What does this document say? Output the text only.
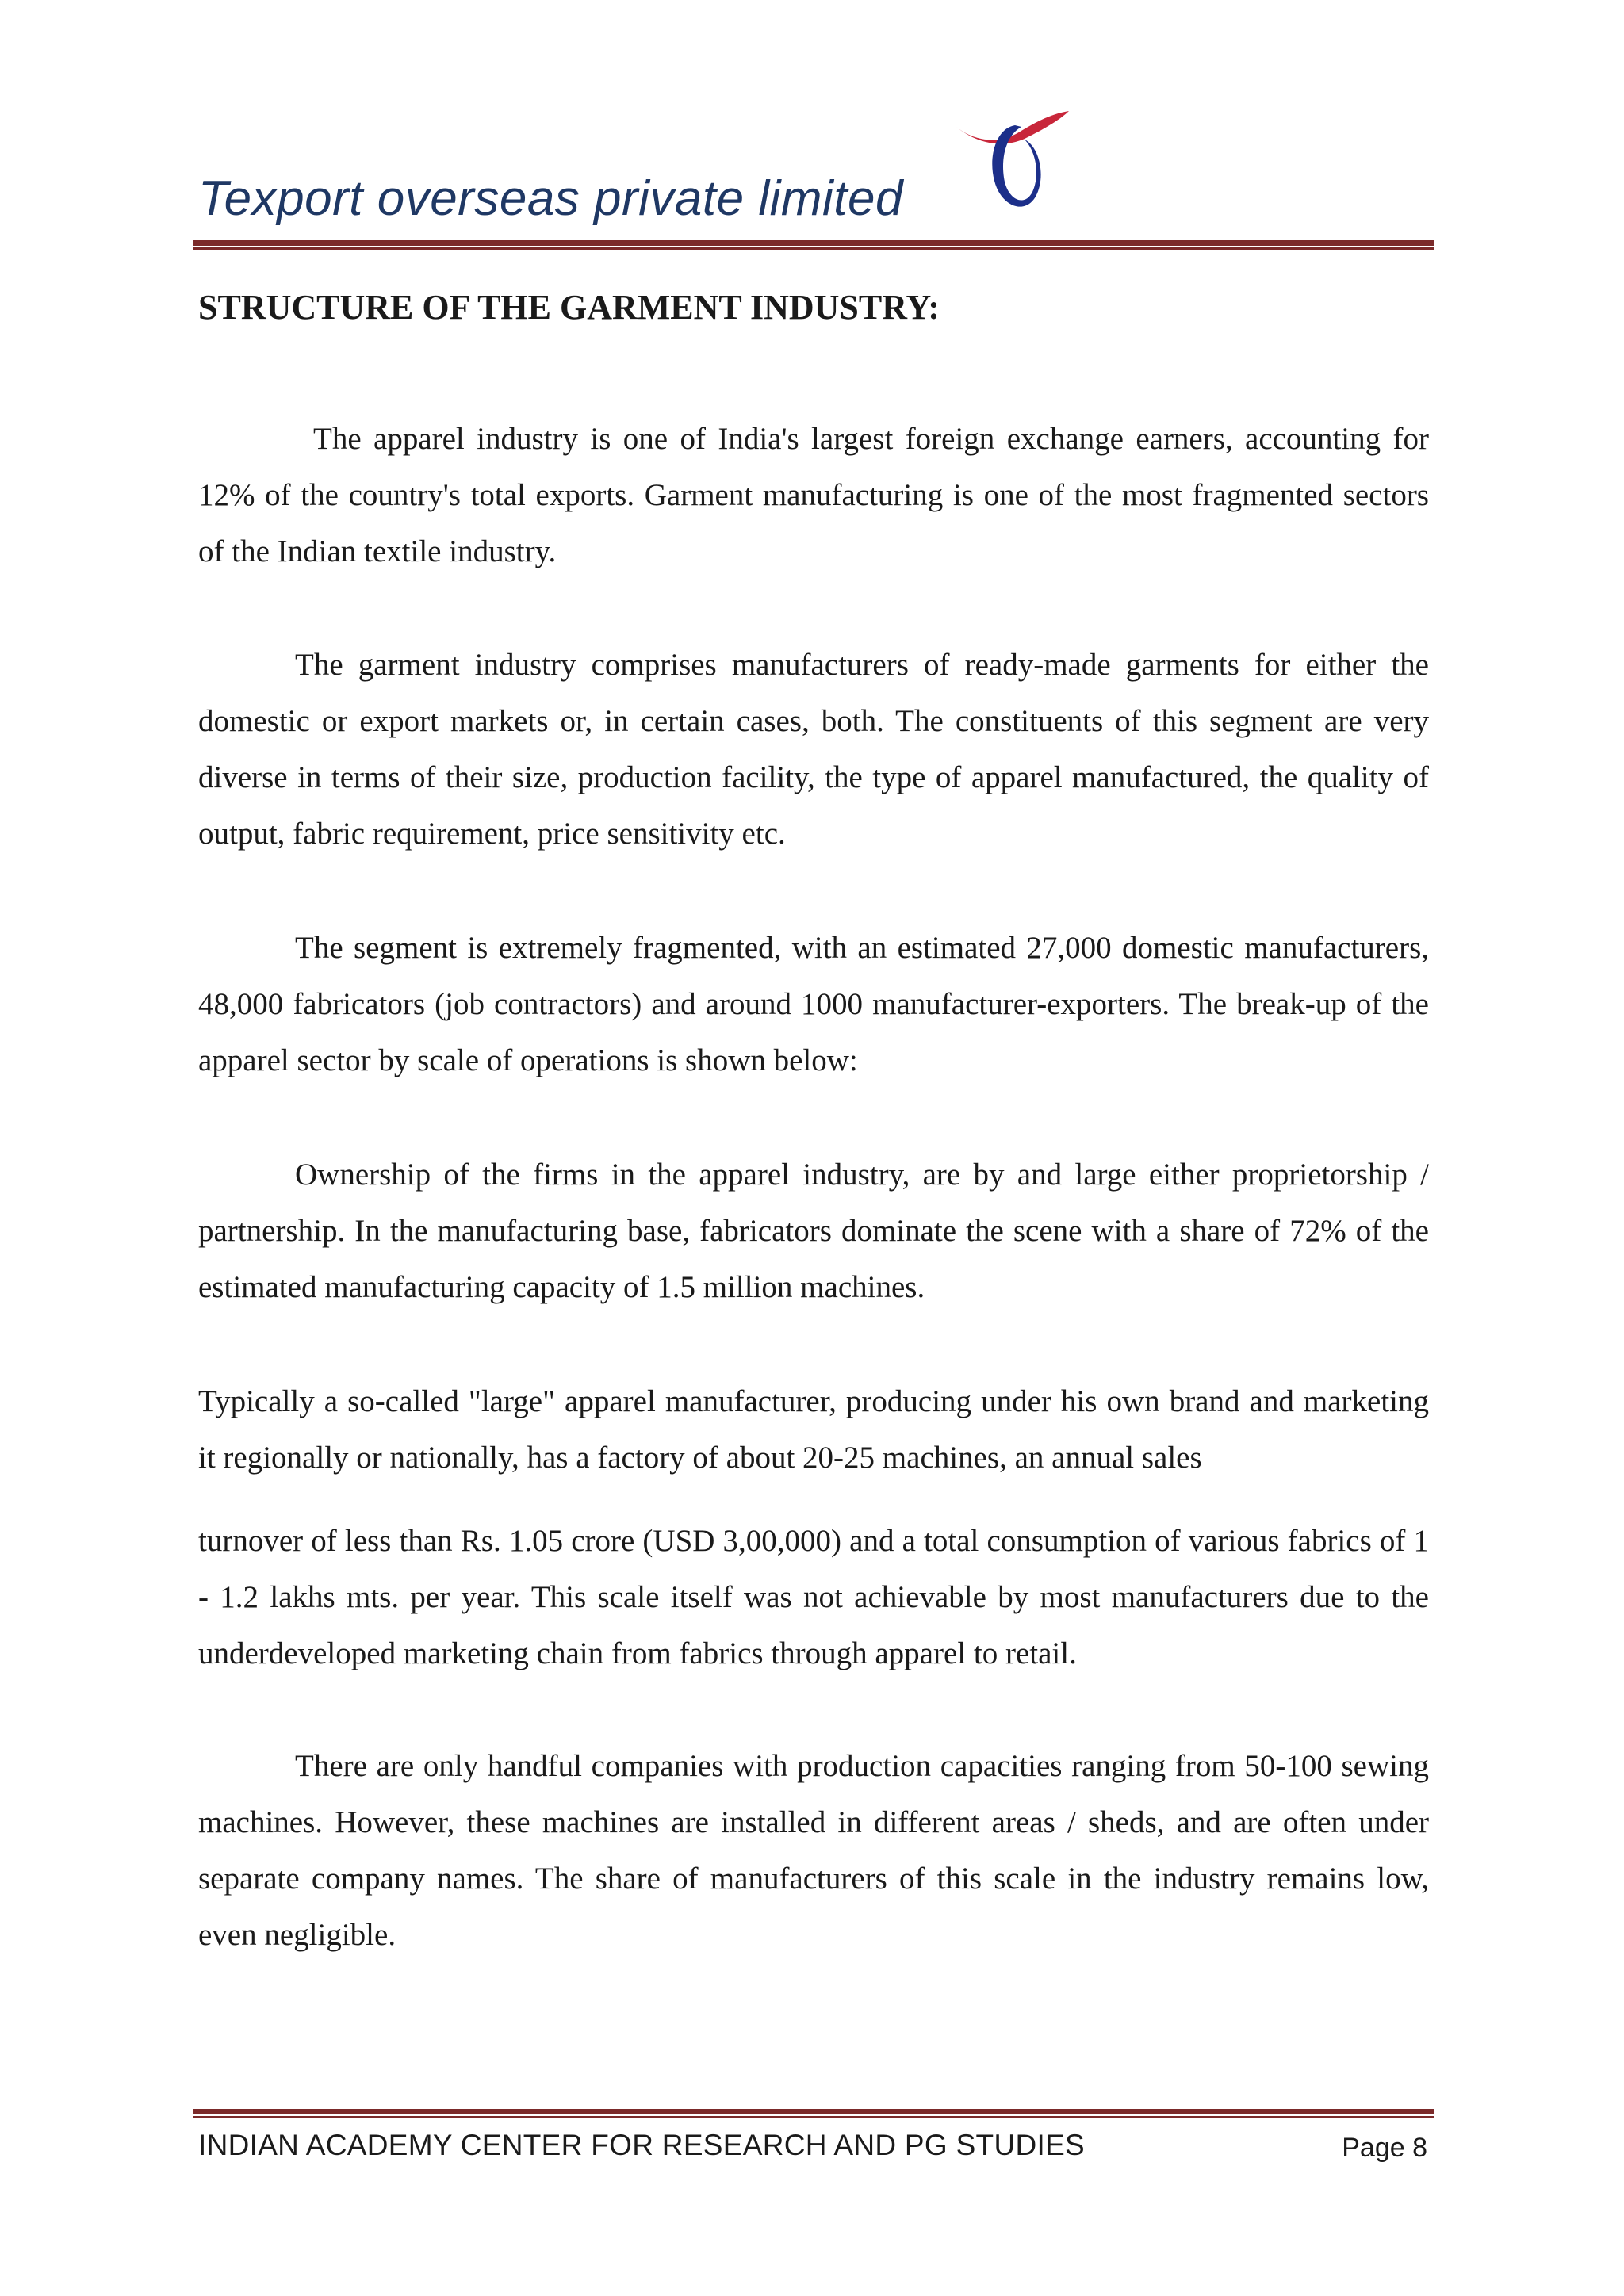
Texport overseas private limited
STRUCTURE OF THE GARMENT INDUSTRY:

The apparel industry is one of India's largest foreign exchange earners, accounting for 12% of the country's total exports. Garment manufacturing is one of the most fragmented sectors of the Indian textile industry.

The garment industry comprises manufacturers of ready-made garments for either the domestic or export markets or, in certain cases, both. The constituents of this segment are very diverse in terms of their size, production facility, the type of apparel manufactured, the quality of output, fabric requirement, price sensitivity etc.

The segment is extremely fragmented, with an estimated 27,000 domestic manufacturers, 48,000 fabricators (job contractors) and around 1000 manufacturer-exporters. The break-up of the apparel sector by scale of operations is shown below:

Ownership of the firms in the apparel industry, are by and large either proprietorship / partnership. In the manufacturing base, fabricators dominate the scene with a share of 72% of the estimated manufacturing capacity of 1.5 million machines.

Typically a so-called "large" apparel manufacturer, producing under his own brand and marketing it regionally or nationally, has a factory of about 20-25 machines, an annual sales

turnover of less than Rs. 1.05 crore (USD 3,00,000) and a total consumption of various fabrics of 1 - 1.2 lakhs mts. per year. This scale itself was not achievable by most manufacturers due to the underdeveloped marketing chain from fabrics through apparel to retail.

There are only handful companies with production capacities ranging from 50-100 sewing machines. However, these machines are installed in different areas / sheds, and are often under separate company names. The share of manufacturers of this scale in the industry remains low, even negligible.

INDIAN ACADEMY CENTER FOR RESEARCH AND PG STUDIES	Page 8
